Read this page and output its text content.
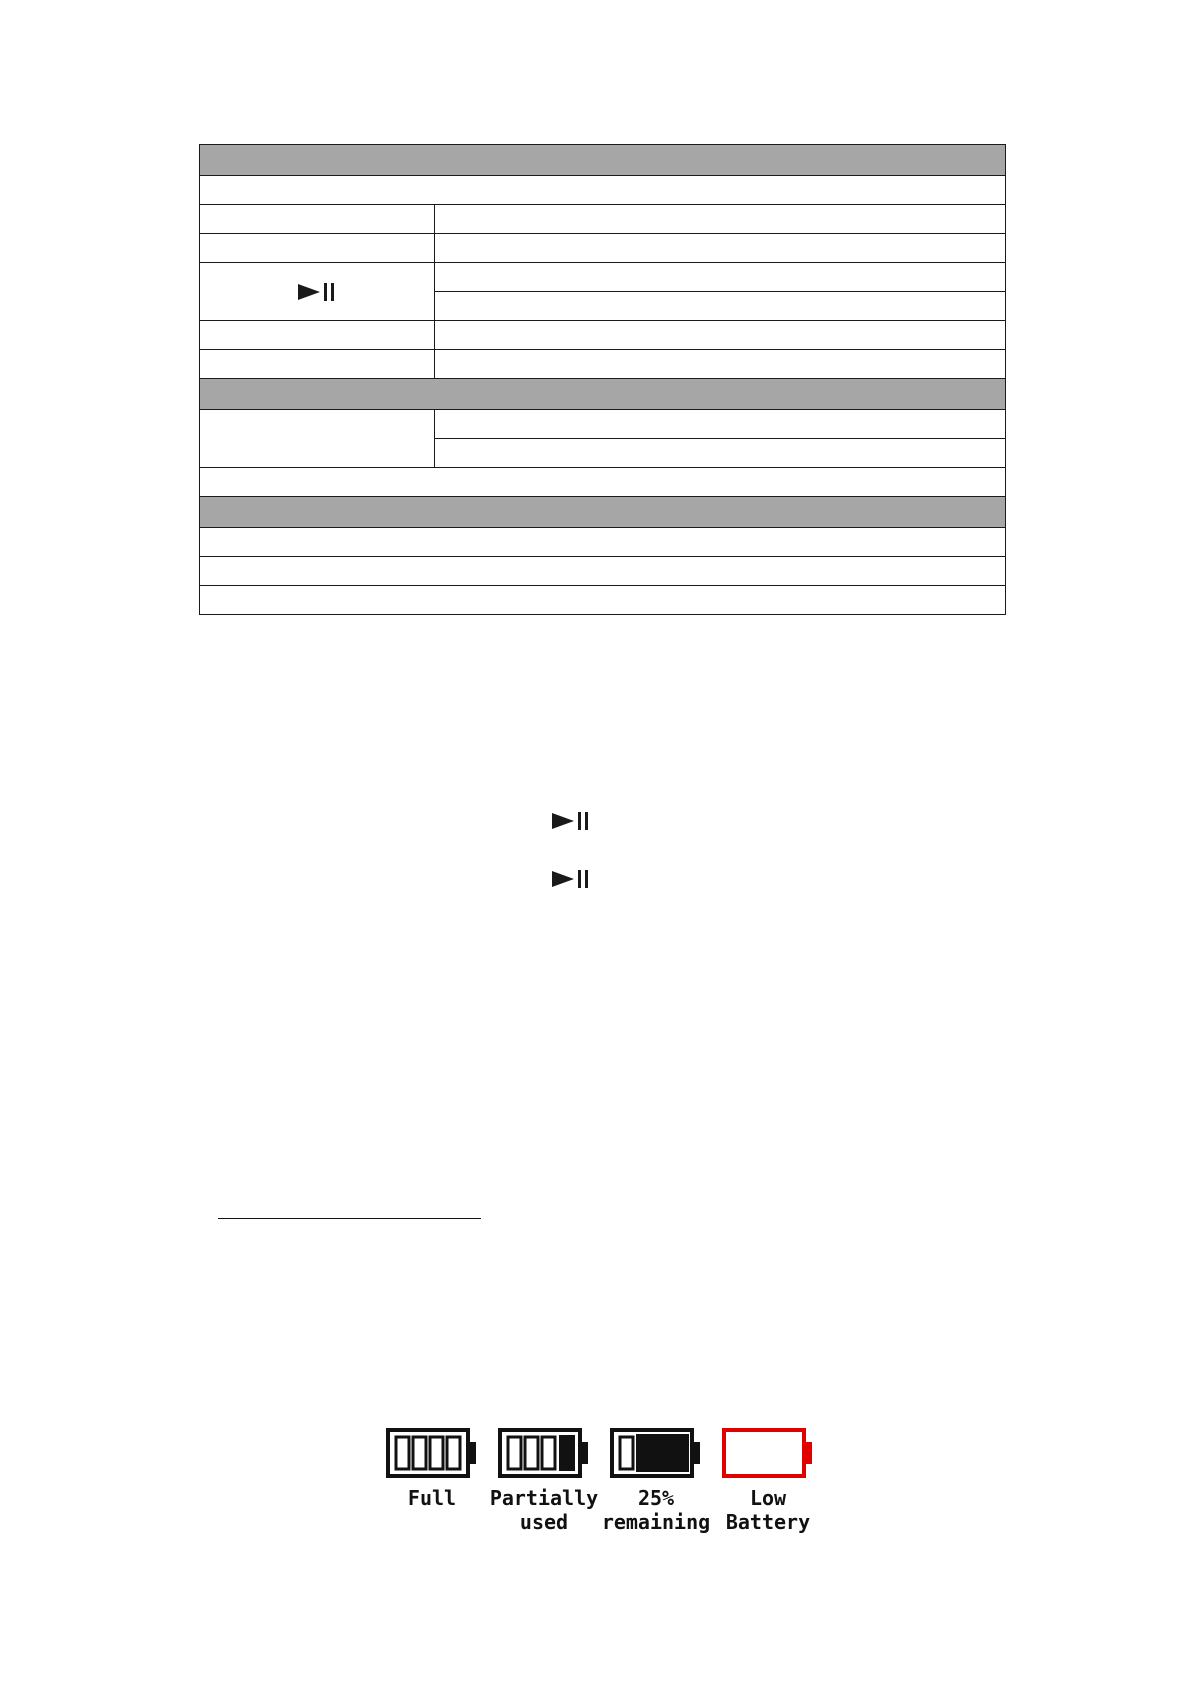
Full	Partially
used
25%
remaining
Low
Battery
